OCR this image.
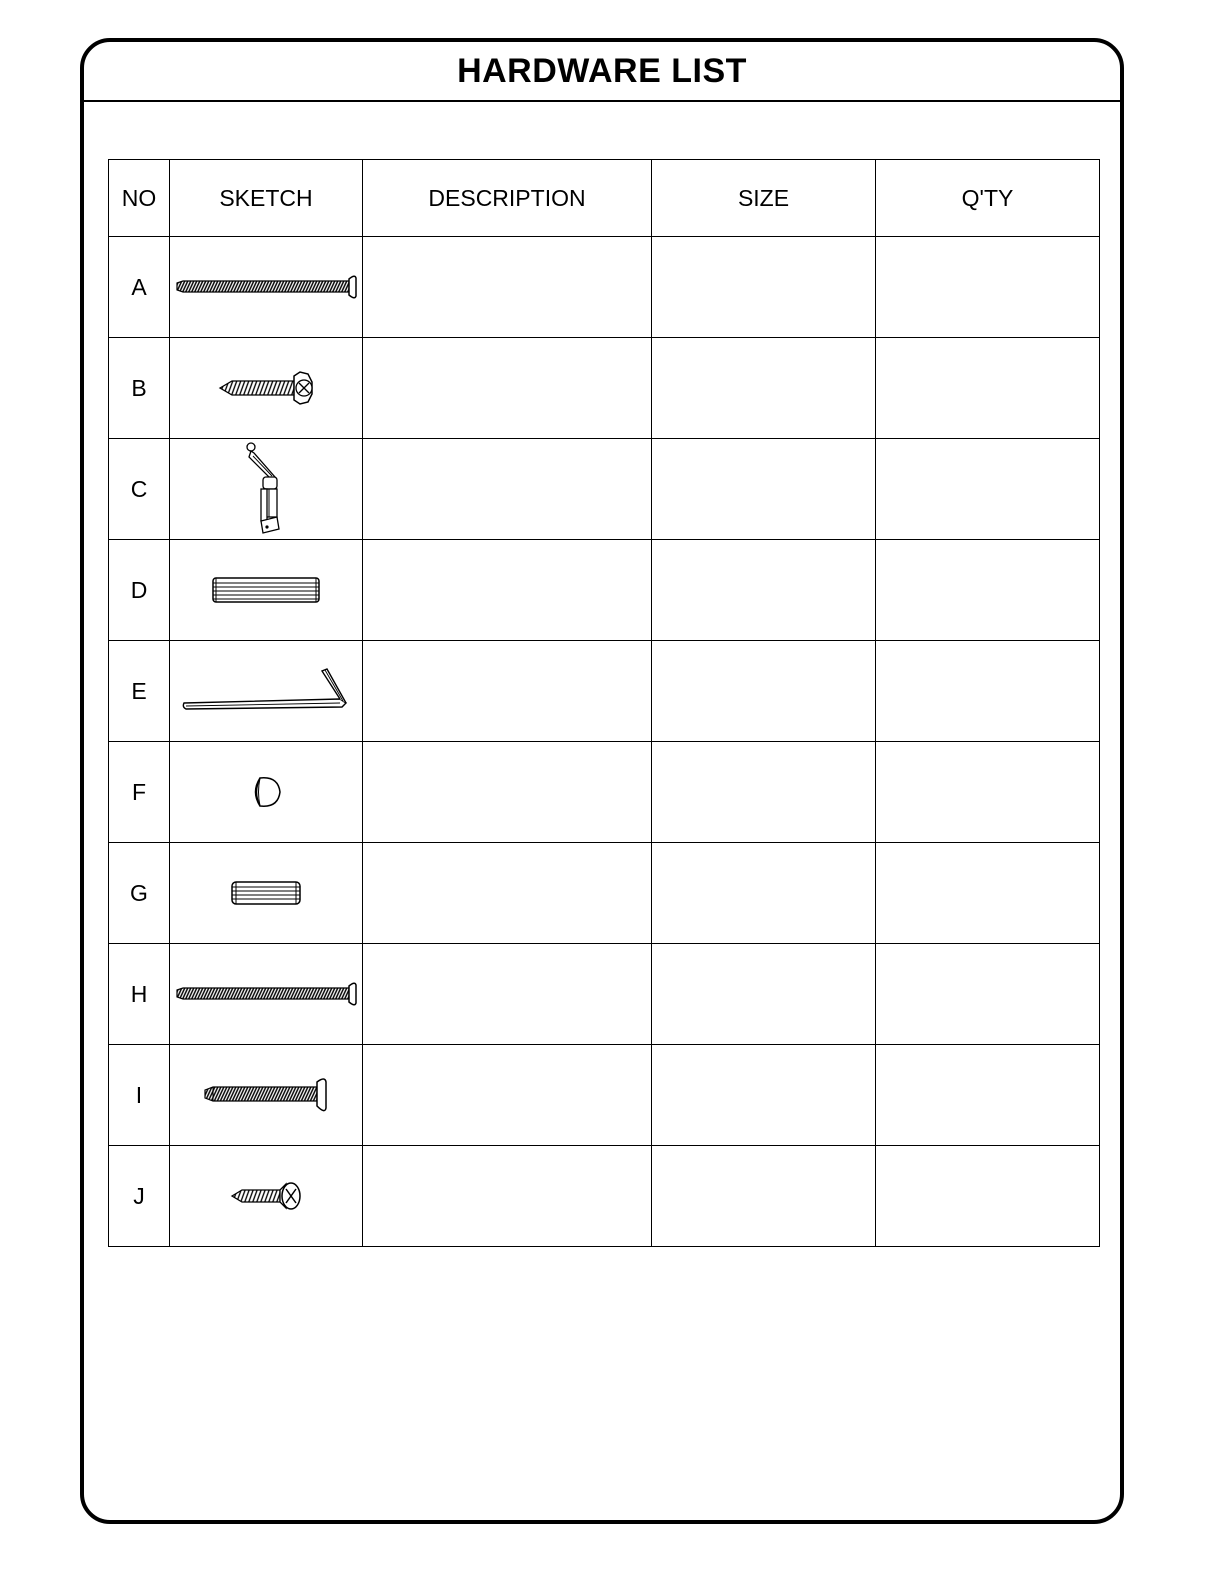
HARDWARE LIST
NO	SKETCH	DESCRIPTION	SIZE	Q'TY
A	

B	

C	

D	

E	

F	

G	

H	

I	

J	
